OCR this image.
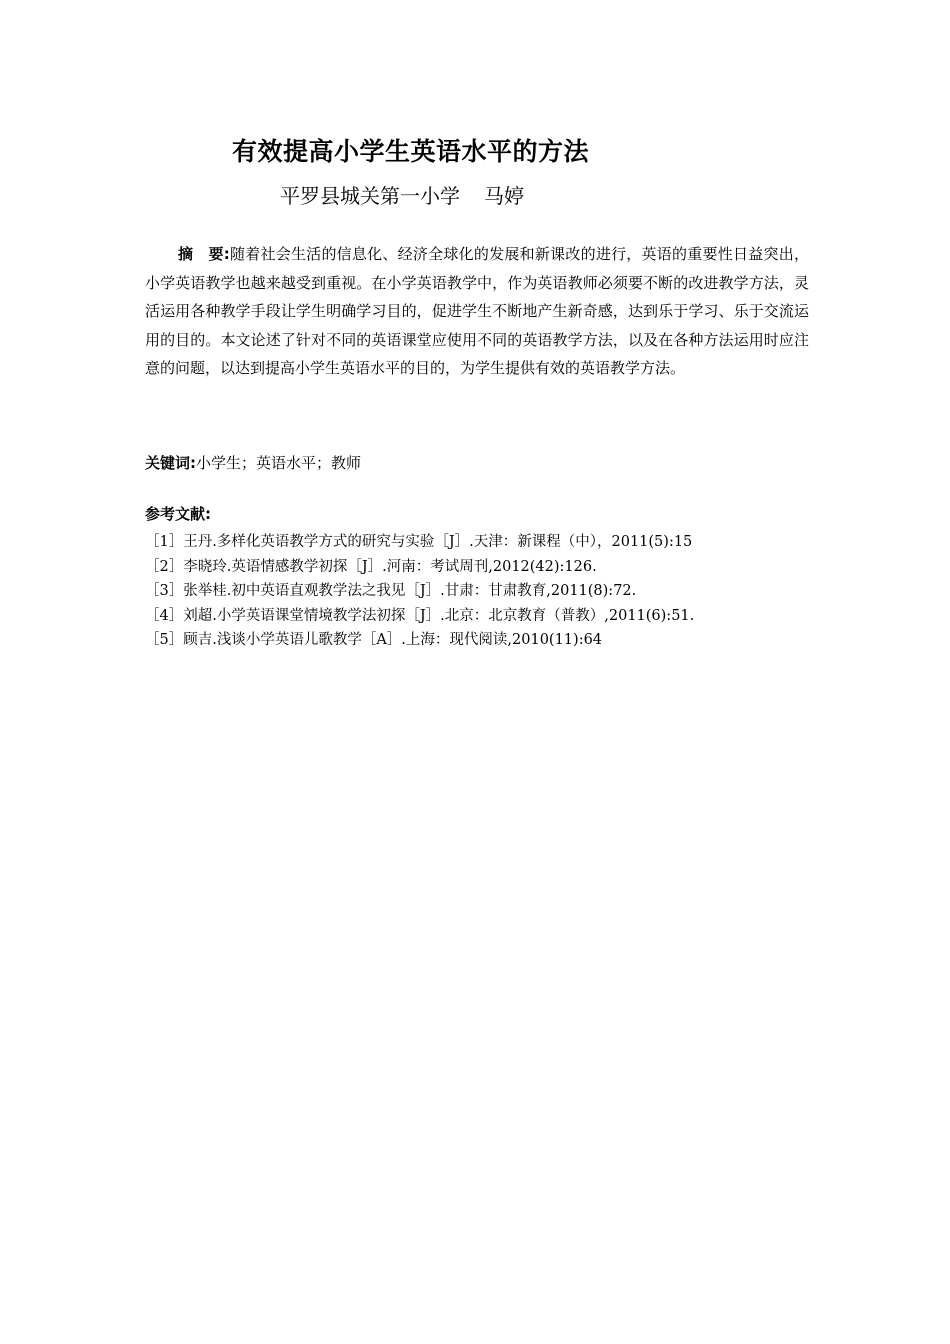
有效提高小学生英语水平的方法
平罗县城关第一小学 马婷
摘　要:随着社会生活的信息化、经济全球化的发展和新课改的进行，英语的重要性日益突出，小学英语教学也越来越受到重视。在小学英语教学中，作为英语教师必须要不断的改进教学方法，灵活运用各种教学手段让学生明确学习目的，促进学生不断地产生新奇感，达到乐于学习、乐于交流运用的目的。本文论述了针对不同的英语课堂应使用不同的英语教学方法，以及在各种方法运用时应注意的问题，以达到提高小学生英语水平的目的，为学生提供有效的英语教学方法。
关键词:小学生；英语水平；教师
参考文献:
［1］王丹.多样化英语教学方式的研究与实验［J］.天津：新课程（中），2011(5):15
［2］李晓玲.英语情感教学初探［J］.河南：考试周刊,2012(42):126.
［3］张举桂.初中英语直观教学法之我见［J］.甘肃：甘肃教育,2011(8):72.
［4］刘超.小学英语课堂情境教学法初探［J］.北京：北京教育（普教）,2011(6):51.
［5］顾吉.浅谈小学英语儿歌教学［A］.上海：现代阅读,2010(11):64
